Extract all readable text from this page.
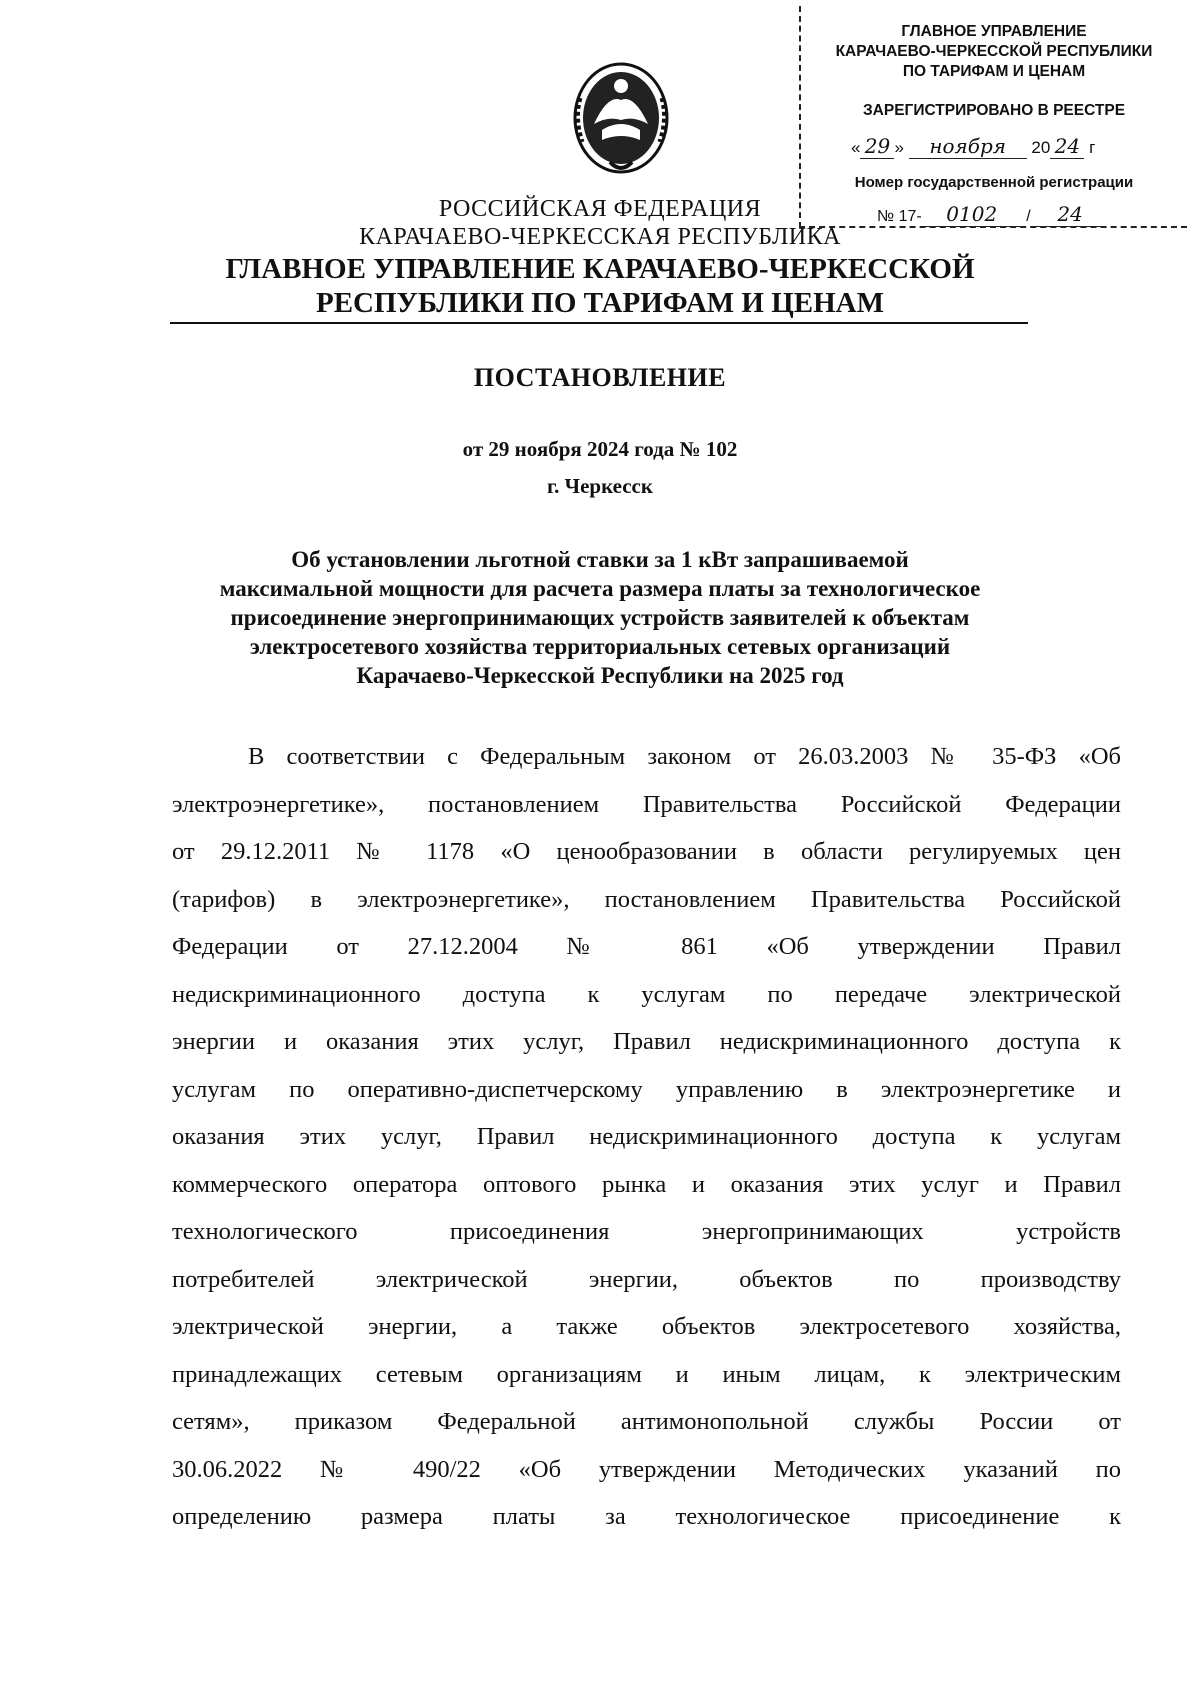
ГЛАВНОЕ УПРАВЛЕНИЕ
КАРАЧАЕВО-ЧЕРКЕССКОЙ РЕСПУБЛИКИ
ПО ТАРИФАМ И ЦЕНАМ
ЗАРЕГИСТРИРОВАНО В РЕЕСТРЕ
« 29 » ноября 20 24 г
Номер государственной регистрации
№ 17- 0102 / 24
РОССИЙСКАЯ ФЕДЕРАЦИЯ
КАРАЧАЕВО-ЧЕРКЕССКАЯ РЕСПУБЛИКА
ГЛАВНОЕ УПРАВЛЕНИЕ КАРАЧАЕВО-ЧЕРКЕССКОЙ
РЕСПУБЛИКИ ПО ТАРИФАМ И ЦЕНАМ
ПОСТАНОВЛЕНИЕ
от 29 ноября 2024 года № 102
г. Черкесск
Об установлении льготной ставки за 1 кВт запрашиваемой
максимальной мощности для расчета размера платы за технологическое
присоединение энергопринимающих устройств заявителей к объектам
электросетевого хозяйства территориальных сетевых организаций
Карачаево-Черкесской Республики на 2025 год
В соответствии с Федеральным законом от 26.03.2003 № 35-ФЗ «Об
электроэнергетике», постановлением Правительства Российской Федерации
от 29.12.2011 № 1178 «О ценообразовании в области регулируемых цен
(тарифов) в электроэнергетике», постановлением Правительства Российской
Федерации от 27.12.2004 № 861 «Об утверждении Правил
недискриминационного доступа к услугам по передаче электрической
энергии и оказания этих услуг, Правил недискриминационного доступа к
услугам по оперативно-диспетчерскому управлению в электроэнергетике и
оказания этих услуг, Правил недискриминационного доступа к услугам
коммерческого оператора оптового рынка и оказания этих услуг и Правил
технологического присоединения энергопринимающих устройств
потребителей электрической энергии, объектов по производству
электрической энергии, а также объектов электросетевого хозяйства,
принадлежащих сетевым организациям и иным лицам, к электрическим
сетям», приказом Федеральной антимонопольной службы России от
30.06.2022 № 490/22 «Об утверждении Методических указаний по
определению размера платы за технологическое присоединение к
